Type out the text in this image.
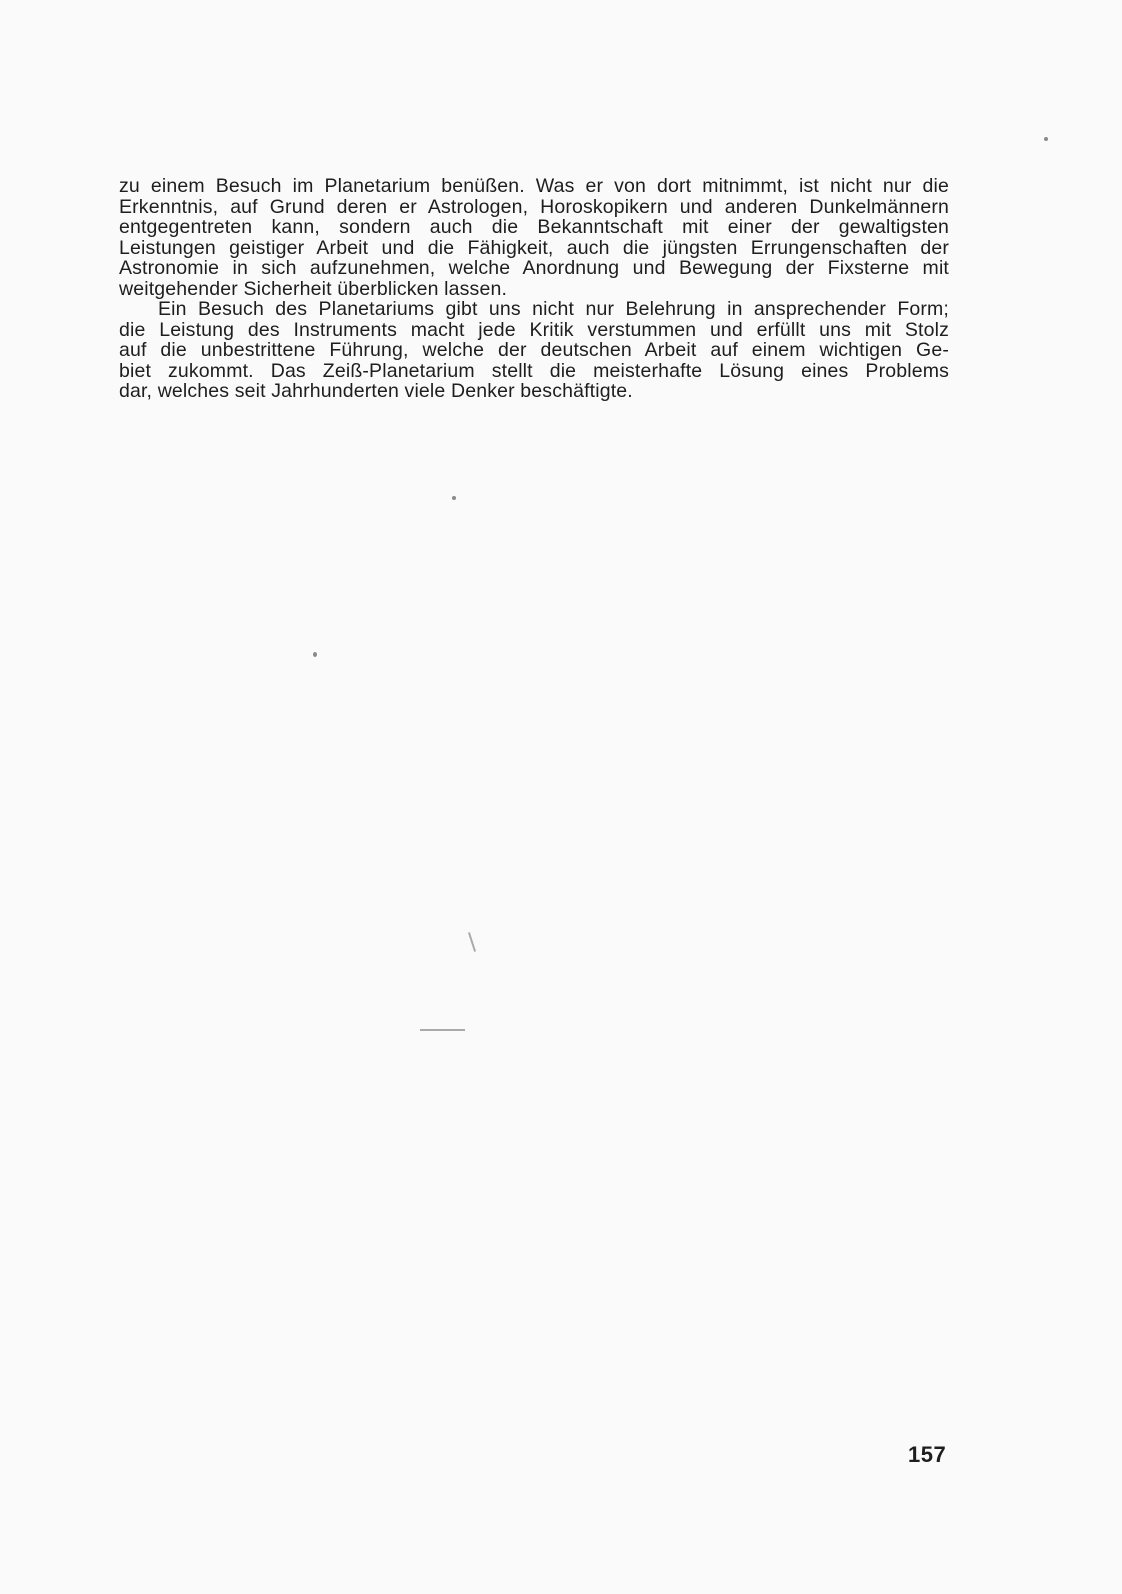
zu einem Besuch im Planetarium benüßen. Was er von dort mitnimmt, ist nicht nur die
Erkenntnis, auf Grund deren er Astrologen, Horoskopikern und anderen Dunkelmännern
entgegentreten kann, sondern auch die Bekanntschaft mit einer der gewaltigsten
Leistungen geistiger Arbeit und die Fähigkeit, auch die jüngsten Errungenschaften der
Astronomie in sich aufzunehmen, welche Anordnung und Bewegung der Fixsterne mit
weitgehender Sicherheit überblicken lassen.
Ein Besuch des Planetariums gibt uns nicht nur Belehrung in ansprechender Form;
die Leistung des Instruments macht jede Kritik verstummen und erfüllt uns mit Stolz
auf die unbestrittene Führung, welche der deutschen Arbeit auf einem wichtigen Ge-
biet zukommt. Das Zeiß-Planetarium stellt die meisterhafte Lösung eines Problems
dar, welches seit Jahrhunderten viele Denker beschäftigte.
157
